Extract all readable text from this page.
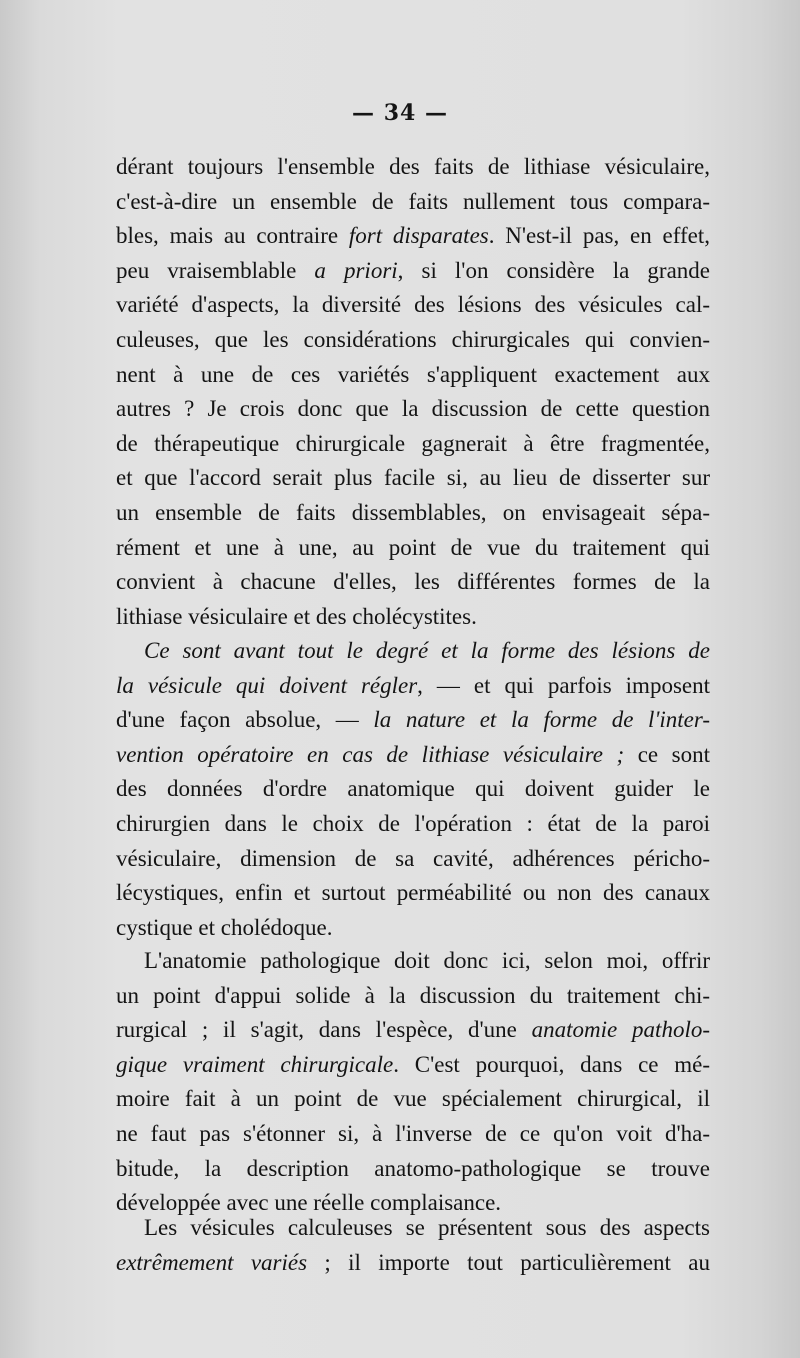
— 34 —
dérant toujours l'ensemble des faits de lithiase vésiculaire,
c'est-à-dire un ensemble de faits nullement tous compara-
bles, mais au contraire fort disparates. N'est-il pas, en effet,
peu vraisemblable a priori, si l'on considère la grande
variété d'aspects, la diversité des lésions des vésicules cal-
culeuses, que les considérations chirurgicales qui convien-
nent à une de ces variétés s'appliquent exactement aux
autres ? Je crois donc que la discussion de cette question
de thérapeutique chirurgicale gagnerait à être fragmentée,
et que l'accord serait plus facile si, au lieu de disserter sur
un ensemble de faits dissemblables, on envisageait sépa-
rément et une à une, au point de vue du traitement qui
convient à chacune d'elles, les différentes formes de la
lithiase vésiculaire et des cholécystites.
Ce sont avant tout le degré et la forme des lésions de
la vésicule qui doivent régler, — et qui parfois imposent
d'une façon absolue, — la nature et la forme de l'inter-
vention opératoire en cas de lithiase vésiculaire ; ce sont
des données d'ordre anatomique qui doivent guider le
chirurgien dans le choix de l'opération : état de la paroi
vésiculaire, dimension de sa cavité, adhérences péricho-
lécystiques, enfin et surtout perméabilité ou non des canaux
cystique et cholédoque.
L'anatomie pathologique doit donc ici, selon moi, offrir
un point d'appui solide à la discussion du traitement chi-
rurgical ; il s'agit, dans l'espèce, d'une anatomie patholo-
gique vraiment chirurgicale. C'est pourquoi, dans ce mé-
moire fait à un point de vue spécialement chirurgical, il
ne faut pas s'étonner si, à l'inverse de ce qu'on voit d'ha-
bitude, la description anatomo-pathologique se trouve
développée avec une réelle complaisance.
Les vésicules calculeuses se présentent sous des aspects
extrêmement variés ; il importe tout particulièrement au
